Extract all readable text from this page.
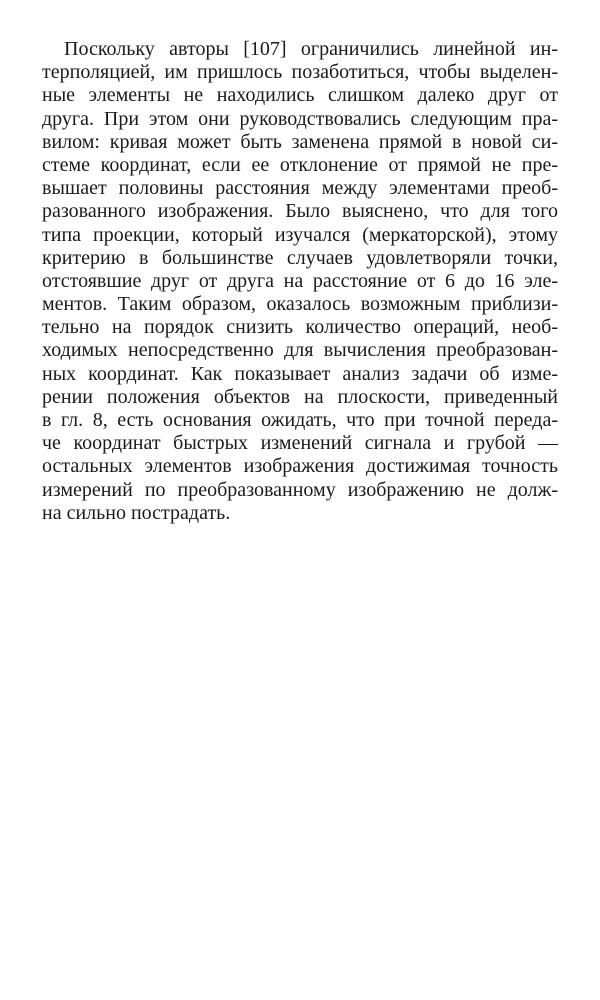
Поскольку авторы [107] ограничились линейной ин-
терполяцией, им пришлось позаботиться, чтобы выделен-
ные элементы не находились слишком далеко друг от
друга. При этом они руководствовались следующим пра-
вилом: кривая может быть заменена прямой в новой си-
стеме координат, если ее отклонение от прямой не пре-
вышает половины расстояния между элементами преоб-
разованного изображения. Было выяснено, что для того
типа проекции, который изучался (меркаторской), этому
критерию в большинстве случаев удовлетворяли точки,
отстоявшие друг от друга на расстояние от 6 до 16 эле-
ментов. Таким образом, оказалось возможным приблизи-
тельно на порядок снизить количество операций, необ-
ходимых непосредственно для вычисления преобразован-
ных координат. Как показывает анализ задачи об изме-
рении положения объектов на плоскости, приведенный
в гл. 8, есть основания ожидать, что при точной переда-
че координат быстрых изменений сигнала и грубой —
остальных элементов изображения достижимая точность
измерений по преобразованному изображению не долж-
на сильно пострадать.
